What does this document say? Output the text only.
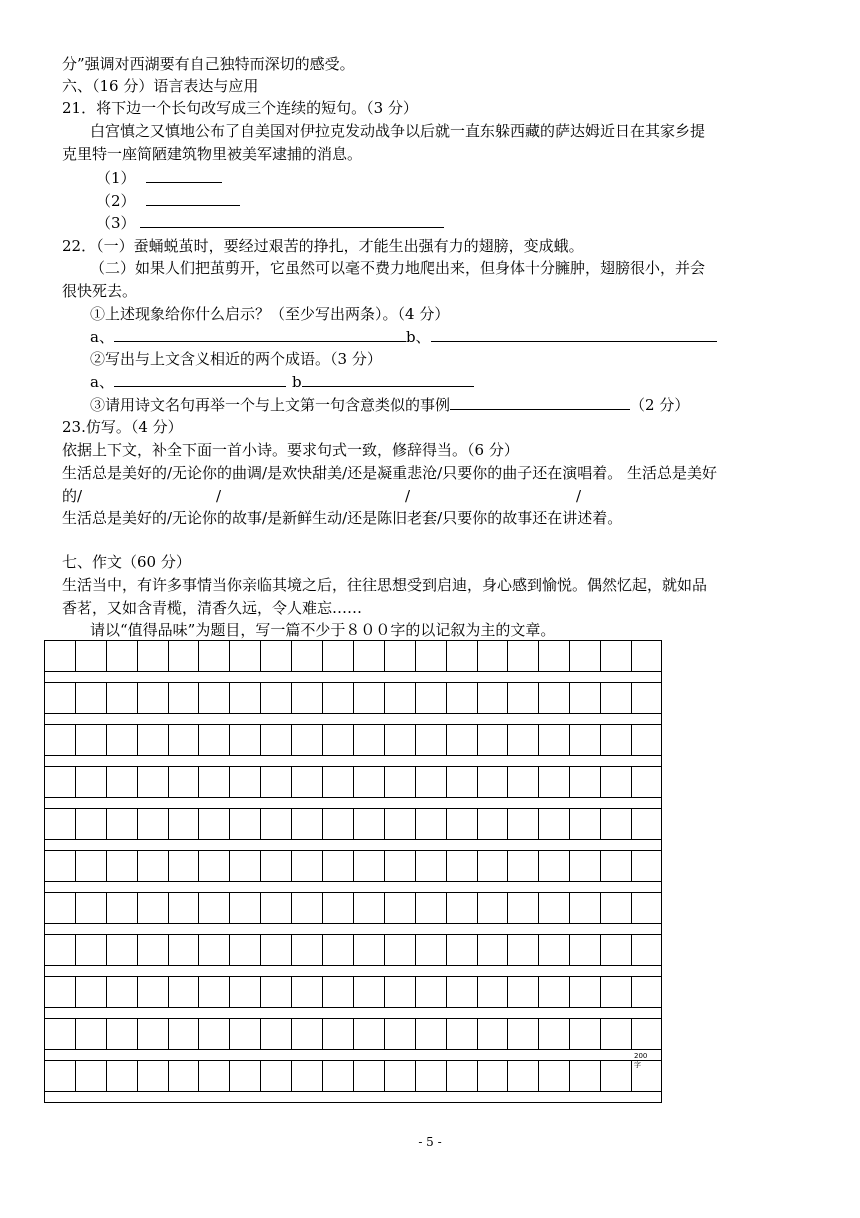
分”强调对西湖要有自己独特而深切的感受。
六、（16 分）语言表达与应用
21．将下边一个长句改写成三个连续的短句。（3 分）
白宫慎之又慎地公布了自美国对伊拉克发动战争以后就一直东躲西藏的萨达姆近日在其家乡提
克里特一座简陋建筑物里被美军逮捕的消息。
（1）
（2）
（3）
22．（一）蚕蛹蜕茧时，要经过艰苦的挣扎，才能生出强有力的翅膀，变成蛾。
（二）如果人们把茧剪开，它虽然可以毫不费力地爬出来，但身体十分臃肿，翅膀很小，并会
很快死去。
①上述现象给你什么启示？（至少写出两条）。（4 分）
a、	b、
②写出与上文含义相近的两个成语。（3 分）
a、	b
③请用诗文名句再举一个与上文第一句含意类似的事例	（2 分）
23.仿写。（4 分）
依据上下文，补全下面一首小诗。要求句式一致，修辞得当。（6 分）
生活总是美好的/无论你的曲调/是欢快甜美/还是凝重悲沧/只要你的曲子还在演唱着。 生活总是美好
的/	/	/	/
生活总是美好的/无论你的故事/是新鲜生动/还是陈旧老套/只要你的故事还在讲述着。
七、作文（60 分）
生活当中，有许多事情当你亲临其境之后，往往思想受到启迪，身心感到愉悦。偶然忆起，就如品
香茗，又如含青榄，清香久远，令人难忘……
请以“值得品味”为题目，写一篇不少于８００字的以记叙为主的文章。
200 字
- 5 -
